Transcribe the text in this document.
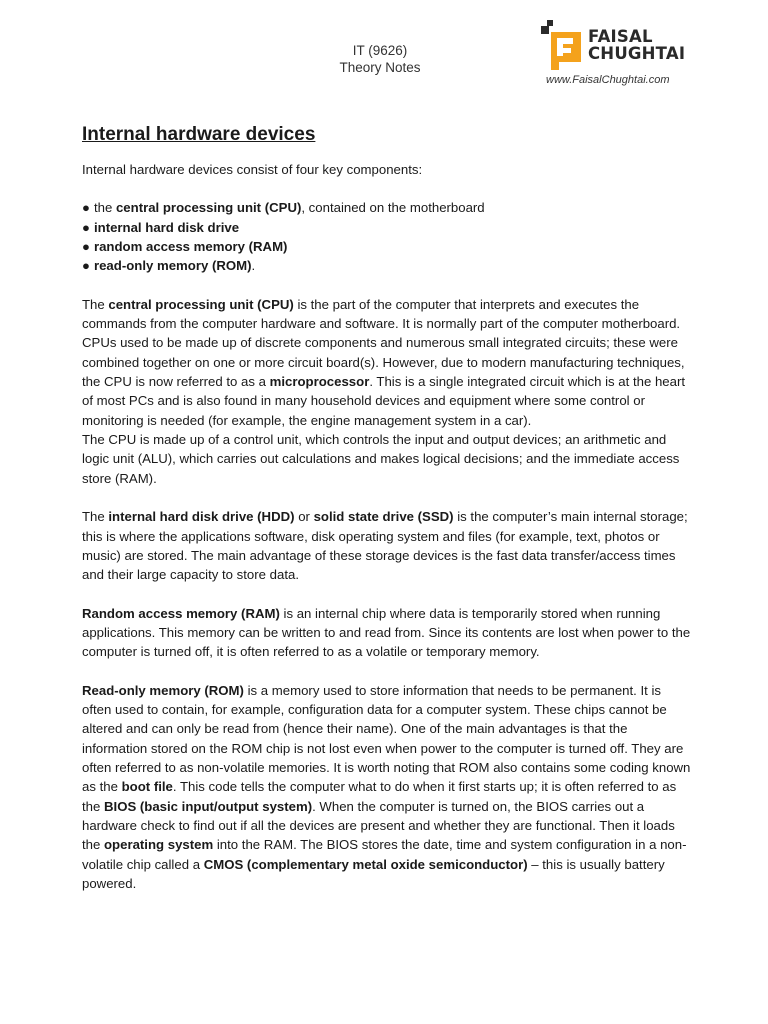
IT (9626)
Theory Notes
FAISAL
CHUGHTAI
www.FaisalChughtai.com
Internal hardware devices

Internal hardware devices consist of four key components:

● the central processing unit (CPU), contained on the motherboard
● internal hard disk drive
● random access memory (RAM)
● read-only memory (ROM).

The central processing unit (CPU) is the part of the computer that interprets and executes the commands from the computer hardware and software. It is normally part of the computer motherboard. CPUs used to be made up of discrete components and numerous small integrated circuits; these were combined together on one or more circuit board(s). However, due to modern manufacturing techniques, the CPU is now referred to as a microprocessor. This is a single integrated circuit which is at the heart of most PCs and is also found in many household devices and equipment where some control or monitoring is needed (for example, the engine management system in a car).

The CPU is made up of a control unit, which controls the input and output devices; an arithmetic and logic unit (ALU), which carries out calculations and makes logical decisions; and the immediate access store (RAM).

The internal hard disk drive (HDD) or solid state drive (SSD) is the computer’s main internal storage; this is where the applications software, disk operating system and files (for example, text, photos or music) are stored. The main advantage of these storage devices is the fast data transfer/access times and their large capacity to store data.

Random access memory (RAM) is an internal chip where data is temporarily stored when running applications. This memory can be written to and read from. Since its contents are lost when power to the computer is turned off, it is often referred to as a volatile or temporary memory.

Read-only memory (ROM) is a memory used to store information that needs to be permanent. It is often used to contain, for example, configuration data for a computer system. These chips cannot be altered and can only be read from (hence their name). One of the main advantages is that the information stored on the ROM chip is not lost even when power to the computer is turned off. They are often referred to as non-volatile memories. It is worth noting that ROM also contains some coding known as the boot file. This code tells the computer what to do when it first starts up; it is often referred to as the BIOS (basic input/output system). When the computer is turned on, the BIOS carries out a hardware check to find out if all the devices are present and whether they are functional. Then it loads the operating system into the RAM. The BIOS stores the date, time and system configuration in a non-volatile chip called a CMOS (complementary metal oxide semiconductor) – this is usually battery powered.
